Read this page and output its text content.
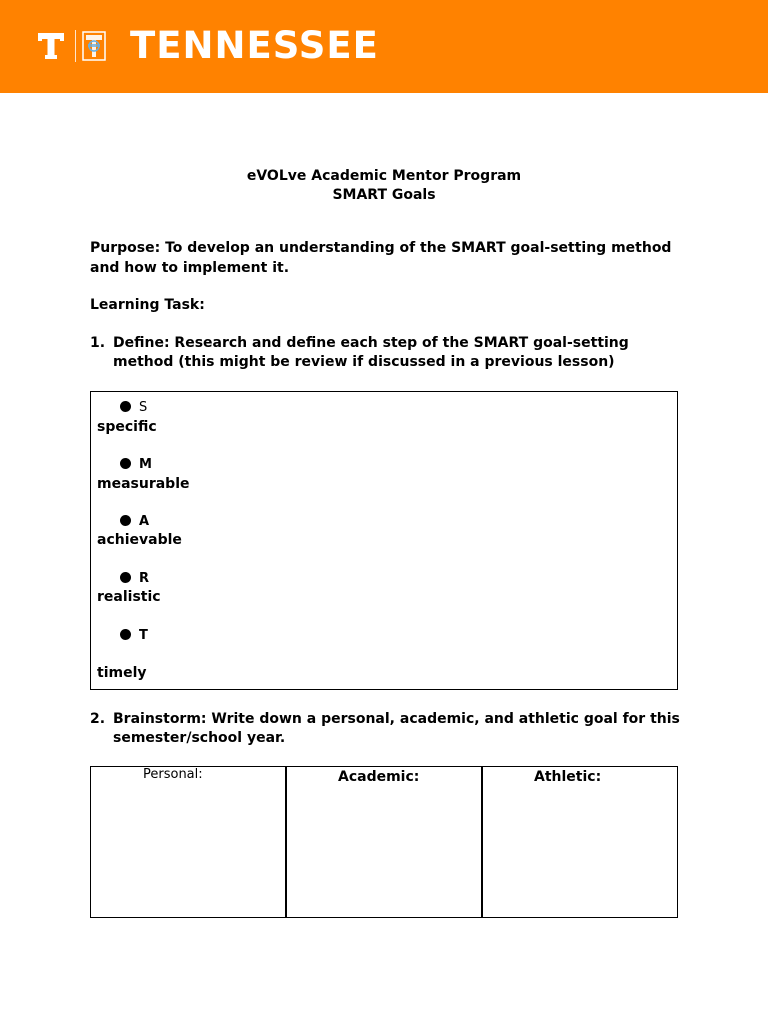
TENNESSEE
eVOLve Academic Mentor Program
SMART Goals
Purpose: To develop an understanding of the SMART goal-setting method
and how to implement it.
Learning Task:
1. Define: Research and define each step of the SMART goal-setting
method (this might be review if discussed in a previous lesson)
S
specific
M
measurable
A
achievable
R
realistic
T
timely
2. Brainstorm: Write down a personal, academic, and athletic goal for this
semester/school year.
Personal:	Academic:	Athletic:
